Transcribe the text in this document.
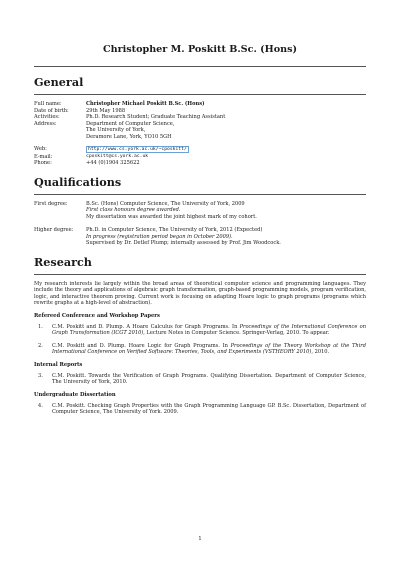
Christopher M. Poskitt B.Sc. (Hons)
General
Full name:	Christopher Michael Poskitt B.Sc. (Hons)
Date of birth:	29th May 1988
Activities:	Ph.D. Research Student; Graduate Teaching Assistant
Address:	Department of Computer Science,
The University of York,
Deramore Lane, York, YO10 5GH
Web:	http://www.cs.york.ac.uk/~cposkitt/
E-mail:	cposkitt@cs.york.ac.uk
Phone:	+44 (0)1904 325622
Qualifications
First degree:	B.Sc. (Hons) Computer Science, The University of York, 2009
First class honours degree awarded.
My dissertation was awarded the joint highest mark of my cohort.
Higher degree:	Ph.D. in Computer Science, The University of York, 2012 (Expected)
In progress (registration period began in October 2009).
Supervised by Dr. Detlef Plump; internally assessed by Prof. Jim Woodcock.
Research

My research interests lie largely within the broad areas of theoretical computer science and programming languages. They include the theory and applications of algebraic graph transformation, graph-based programming models, program verification, logic, and interactive theorem proving. Current work is focusing on adapting Hoare logic to graph programs (programs which rewrite graphs at a high-level of abstraction).

Refereed Conference and Workshop Papers
1.	C.M. Poskitt and D. Plump. A Hoare Calculus for Graph Programs. In Proceedings of the International Conference on Graph Transformation (ICGT 2010), Lecture Notes in Computer Science. Springer-Verlag, 2010. To appear.
2.	C.M. Poskitt and D. Plump. Hoare Logic for Graph Programs. In Proceedings of the Theory Workshop at the Third International Conference on Verified Software: Theories, Tools, and Experiments (VSTHEORY 2010), 2010.
Internal Reports
3.	C.M. Poskitt. Towards the Verification of Graph Programs. Qualifying Dissertation. Department of Computer Science, The University of York, 2010.
Undergraduate Dissertation
4.	C.M. Poskitt. Checking Graph Properties with the Graph Programming Language GP. B.Sc. Dissertation, Department of Computer Science, The University of York. 2009.
1
